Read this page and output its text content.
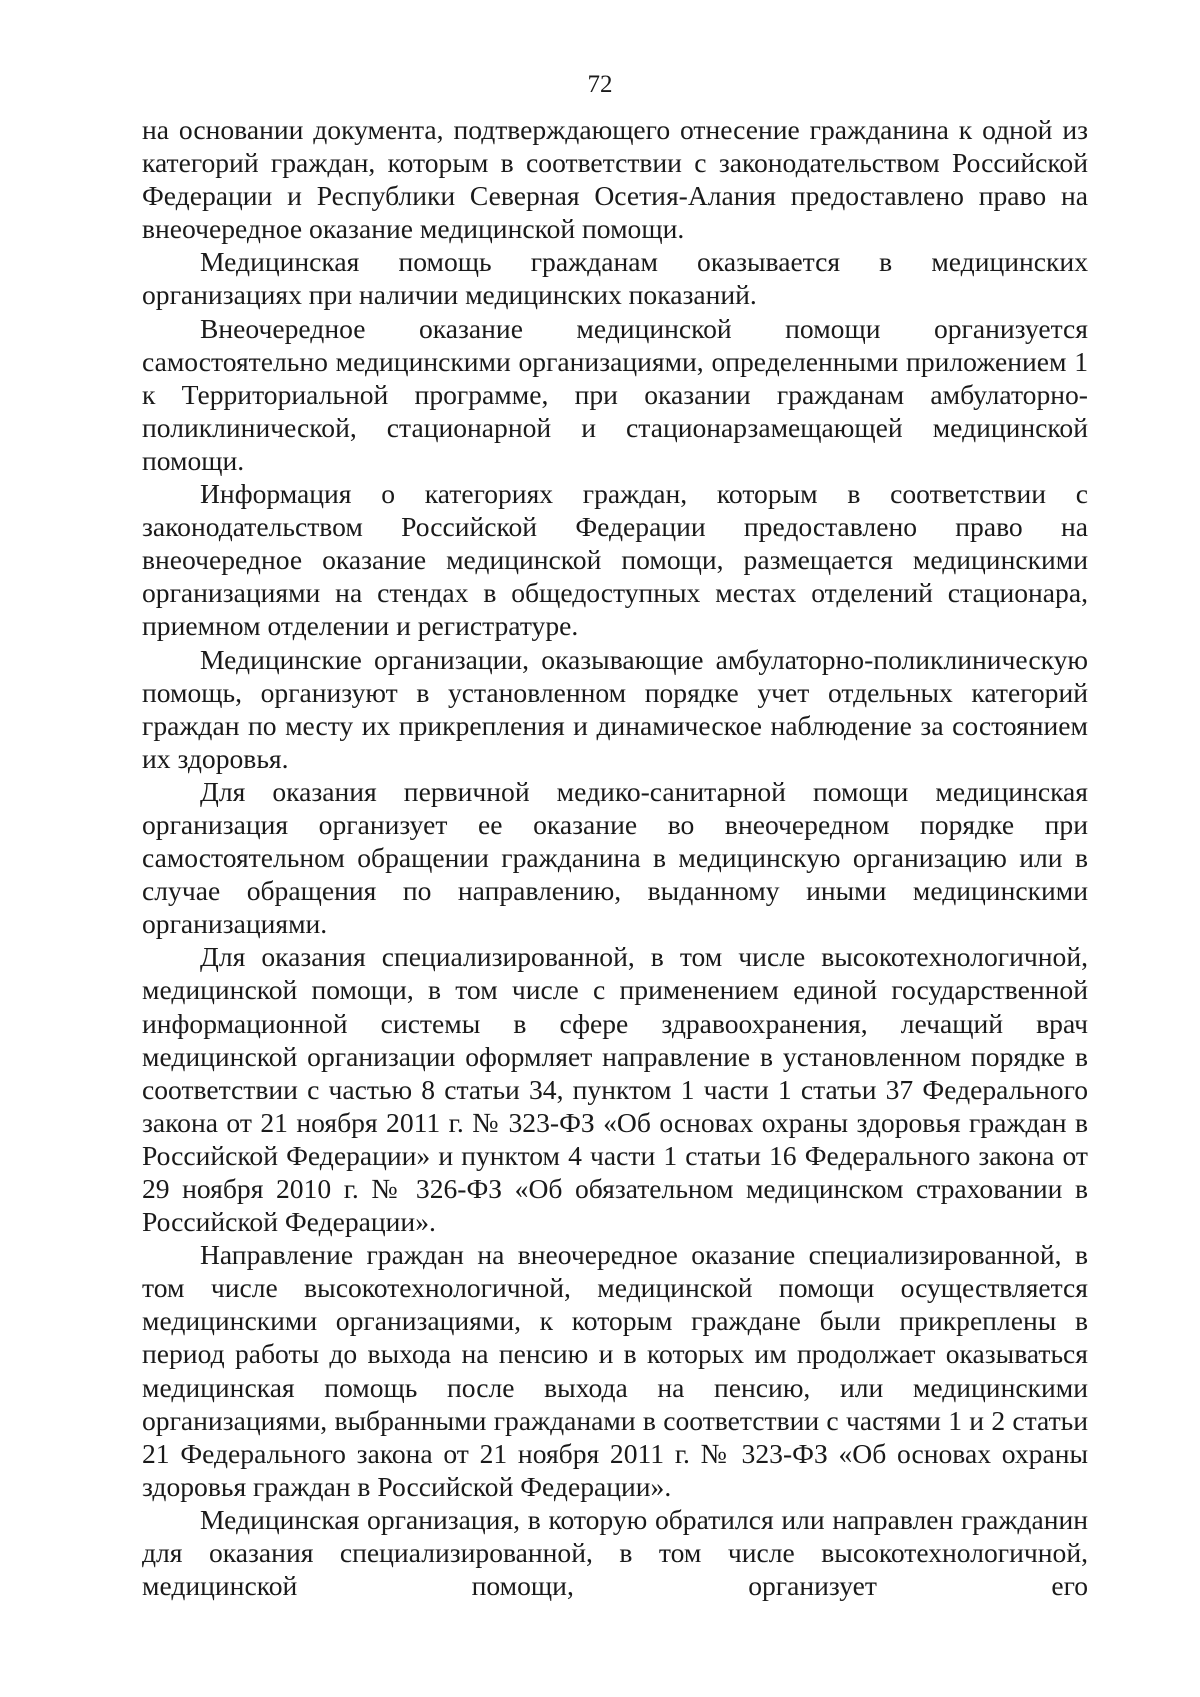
72

на основании документа, подтверждающего отнесение гражданина к одной из категорий граждан, которым в соответствии с законодательством Российской Федерации и Республики Северная Осетия-Алания предоставлено право на внеочередное оказание медицинской помощи.

Медицинская помощь гражданам оказывается в медицинских организациях при наличии медицинских показаний.

Внеочередное оказание медицинской помощи организуется самостоятельно медицинскими организациями, определенными приложением 1 к Территориальной программе, при оказании гражданам амбулаторно-поликлинической, стационарной и стационарзамещающей медицинской помощи.

Информация о категориях граждан, которым в соответствии с законодательством Российской Федерации предоставлено право на внеочередное оказание медицинской помощи, размещается медицинскими организациями на стендах в общедоступных местах отделений стационара, приемном отделении и регистратуре.

Медицинские организации, оказывающие амбулаторно-поликлиническую помощь, организуют в установленном порядке учет отдельных категорий граждан по месту их прикрепления и динамическое наблюдение за состоянием их здоровья.

Для оказания первичной медико-санитарной помощи медицинская организация организует ее оказание во внеочередном порядке при самостоятельном обращении гражданина в медицинскую организацию или в случае обращения по направлению, выданному иными медицинскими организациями.

Для оказания специализированной, в том числе высокотехнологичной, медицинской помощи, в том числе с применением единой государственной информационной системы в сфере здравоохранения, лечащий врач медицинской организации оформляет направление в установленном порядке в соответствии с частью 8 статьи 34, пунктом 1 части 1 статьи 37 Федерального закона от 21 ноября 2011 г. № 323-ФЗ «Об основах охраны здоровья граждан в Российской Федерации» и пунктом 4 части 1 статьи 16 Федерального закона от 29 ноября 2010 г. № 326-ФЗ «Об обязательном медицинском страховании в Российской Федерации».

Направление граждан на внеочередное оказание специализированной, в том числе высокотехнологичной, медицинской помощи осуществляется медицинскими организациями, к которым граждане были прикреплены в период работы до выхода на пенсию и в которых им продолжает оказываться медицинская помощь после выхода на пенсию, или медицинскими организациями, выбранными гражданами в соответствии с частями 1 и 2 статьи 21 Федерального закона от 21 ноября 2011 г. № 323-ФЗ «Об основах охраны здоровья граждан в Российской Федерации».

Медицинская организация, в которую обратился или направлен гражданин для оказания специализированной, в том числе высокотехнологичной, медицинской помощи, организует его
